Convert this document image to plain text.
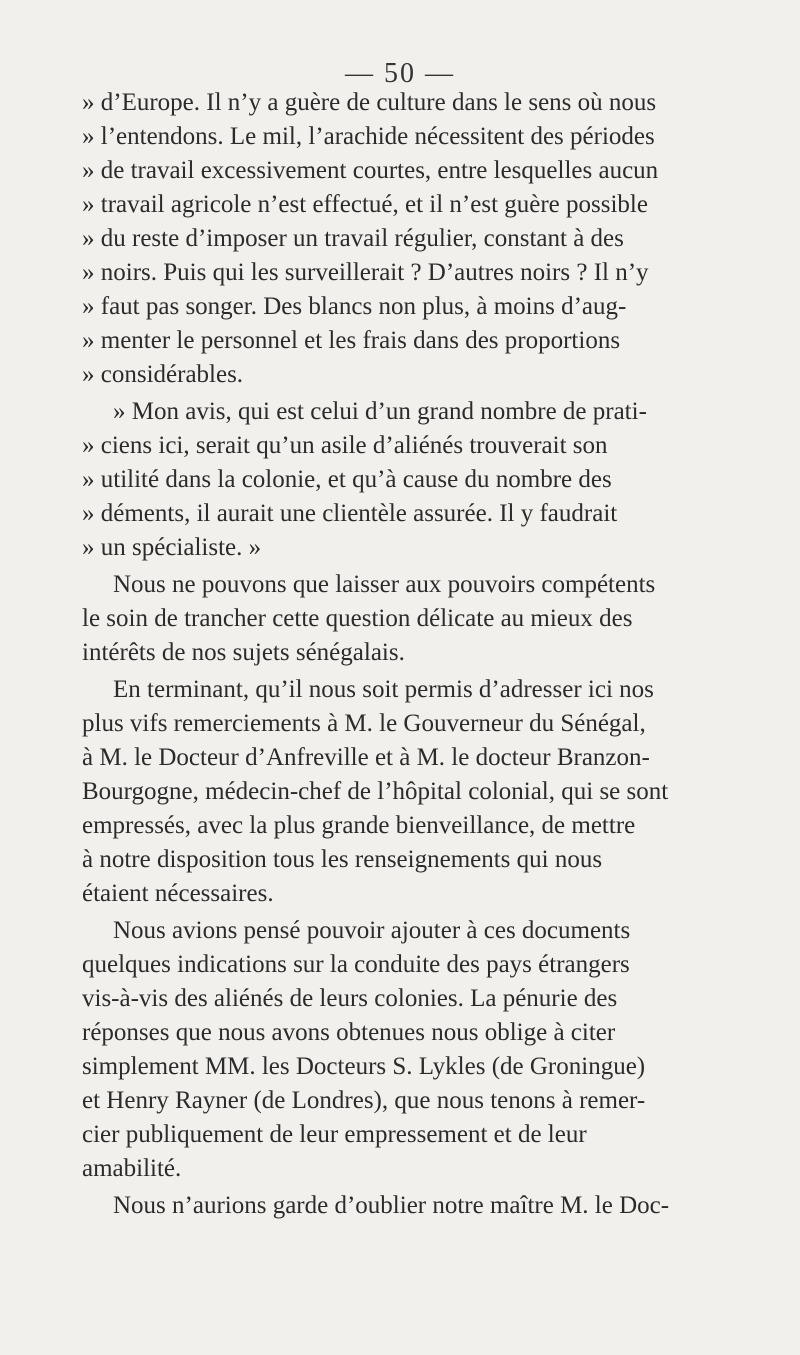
— 50 —
» d’Europe. Il n’y a guère de culture dans le sens où nous
» l’entendons. Le mil, l’arachide nécessitent des périodes
» de travail excessivement courtes, entre lesquelles aucun
» travail agricole n’est effectué, et il n’est guère possible
» du reste d’imposer un travail régulier, constant à des
» noirs. Puis qui les surveillerait ? D’autres noirs ? Il n’y
» faut pas songer. Des blancs non plus, à moins d’aug-
» menter le personnel et les frais dans des proportions
» considérables.
» Mon avis, qui est celui d’un grand nombre de prati-
» ciens ici, serait qu’un asile d’aliénés trouverait son
» utilité dans la colonie, et qu’à cause du nombre des
» déments, il aurait une clientèle assurée. Il y faudrait
» un spécialiste. »
Nous ne pouvons que laisser aux pouvoirs compétents
le soin de trancher cette question délicate au mieux des
intérêts de nos sujets sénégalais.
En terminant, qu’il nous soit permis d’adresser ici nos
plus vifs remerciements à M. le Gouverneur du Sénégal,
à M. le Docteur d’Anfreville et à M. le docteur Branzon-
Bourgogne, médecin-chef de l’hôpital colonial, qui se sont
empressés, avec la plus grande bienveillance, de mettre
à notre disposition tous les renseignements qui nous
étaient nécessaires.
Nous avions pensé pouvoir ajouter à ces documents
quelques indications sur la conduite des pays étrangers
vis-à-vis des aliénés de leurs colonies. La pénurie des
réponses que nous avons obtenues nous oblige à citer
simplement MM. les Docteurs S. Lykles (de Groningue)
et Henry Rayner (de Londres), que nous tenons à remer-
cier publiquement de leur empressement et de leur
amabilité.
Nous n’aurions garde d’oublier notre maître M. le Doc-
